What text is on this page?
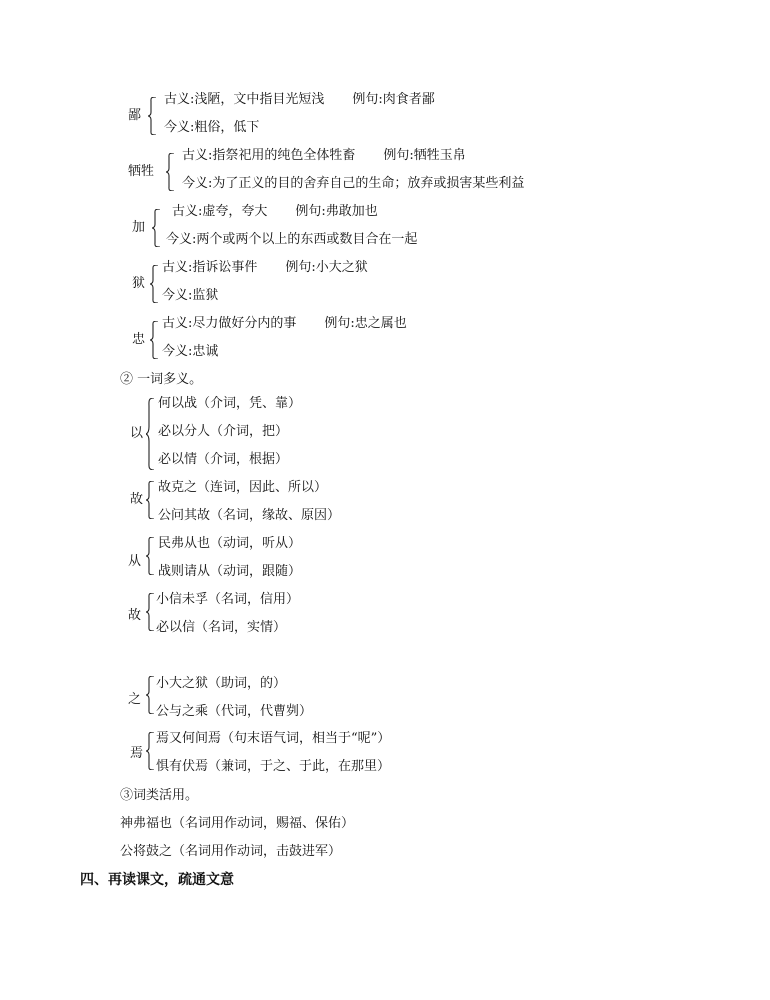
鄙
古义:浅陋，文中指目光短浅 例句:肉食者鄙
今义:粗俗，低下
牺牲
古义:指祭祀用的纯色全体牲畜 例句:牺牲玉帛
今义:为了正义的目的舍弃自己的生命；放弃或损害某些利益
加
古义:虚夸，夸大 例句:弗敢加也
今义:两个或两个以上的东西或数目合在一起
狱
古义:指诉讼事件 例句:小大之狱
今义:监狱
忠
古义:尽力做好分内的事 例句:忠之属也
今义:忠诚
② 一词多义。
以
何以战（介词，凭、靠）
必以分人（介词，把）
必以情（介词，根据）
故
故克之（连词，因此、所以）
公问其故（名词，缘故、原因）
从
民弗从也（动词，听从）
战则请从（动词，跟随）
故
小信未孚（名词，信用）
必以信（名词，实情）
之
小大之狱（助词，的）
公与之乘（代词，代曹刿）
焉
焉又何间焉（句末语气词，相当于“呢”）
惧有伏焉（兼词，于之、于此，在那里）
③词类活用。
神弗福也（名词用作动词，赐福、保佑）
公将鼓之（名词用作动词，击鼓进军）
四、再读课文，疏通文意
